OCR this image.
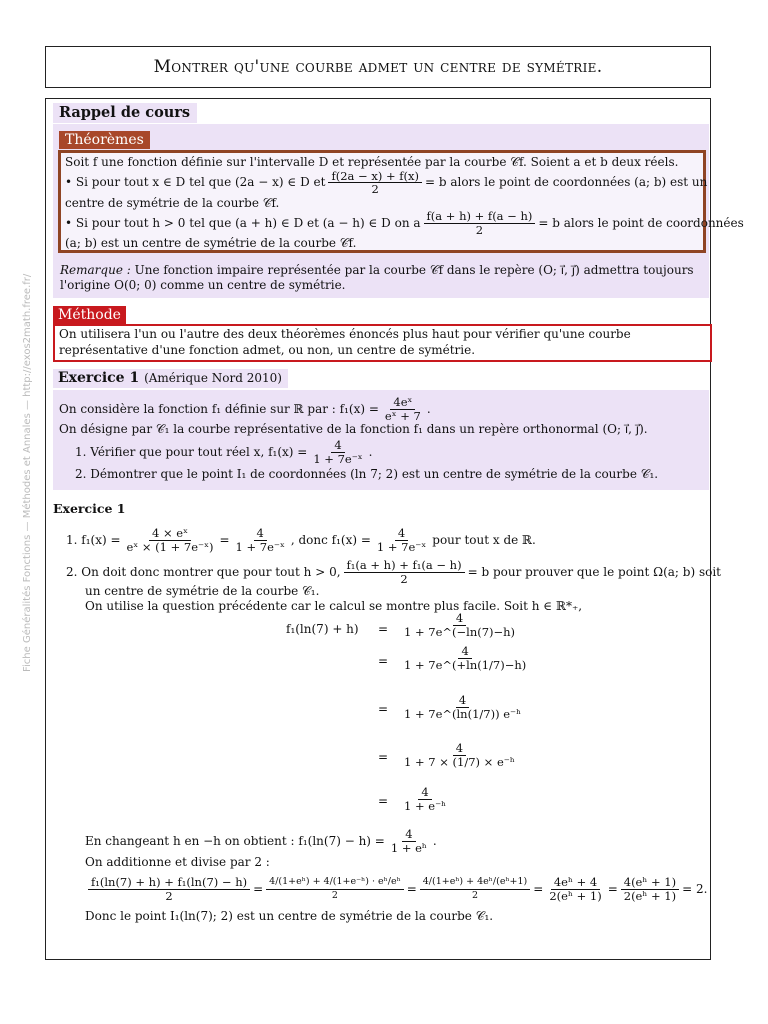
Montrer qu'une courbe admet un centre de symétrie.
Fiche Généralités Fonctions — Méthodes et Annales — http://exos2math.free.fr/
Rappel de cours
Théorèmes
Soit f une fonction définie sur l'intervalle D et représentée par la courbe 𝒞f. Soient a et b deux réels.
• Si pour tout x ∈ D tel que (2a − x) ∈ D et $\frac{f(2a - x) + f(x)}{2} = b$ alors le point de coordonnées (a; b) est un
centre de symétrie de la courbe 𝒞f.
• Si pour tout h > 0 tel que (a + h) ∈ D et (a − h) ∈ D on a $\frac{f(a + h) + f(a - h)}{2} = b$ alors le point de coordonnées
(a; b) est un centre de symétrie de la courbe 𝒞f.
Remarque : Une fonction impaire représentée par la courbe 𝒞f dans le repère (O; i⃗, j⃗) admettra toujours l'origine O(0; 0) comme un centre de symétrie.
Méthode
On utilisera l'un ou l'autre des deux théorèmes énoncés plus haut pour vérifier qu'une courbe représentative d'une fonction admet, ou non, un centre de symétrie.
Exercice 1 (Amérique Nord 2010)
On considère la fonction f₁ définie sur ℝ par : $f_1(x) = \frac{\text{4eˣ}}{\text{eˣ + 7}}$ .
On désigne par 𝒞₁ la courbe représentative de la fonction f₁ dans un repère orthonormal (O; i⃗, j⃗).
1. Vérifier que pour tout réel x, $f_1(x) = \frac{4}{\text{1 + 7e⁻ˣ}}$ .
2. Démontrer que le point I₁ de coordonnées (ln 7; 2) est un centre de symétrie de la courbe 𝒞₁.
Exercice 1
1. $f_1(x) = \frac{\text{4 × eˣ}}{\text{eˣ × (1 + 7e⁻ˣ)}} = \frac{4}{\text{1 + 7e⁻ˣ}}$ , donc $f_1(x) = \frac{4}{\text{1 + 7e⁻ˣ}}$ pour tout x de ℝ.
2. On doit donc montrer que pour tout h > 0, $\frac{\text{f₁(a + h) + f₁(a − h)}}{2} = b$ pour prouver que le point Ω(a; b) soit
un centre de symétrie de la courbe 𝒞₁.
On utilise la question précédente car le calcul se montre plus facile. Soit h ∈ ℝ*₊,
$f_1(\ln(7) + h) = \frac{4}{1 + 7e\^{}(-\ln(7)-h)}$
= $\frac{4}{1 + 7e\^{}(+\ln(1/7)-h)}$
= $\frac{4}{\text{1 + 7e\textasciicircum{}(ln(1/7)) e⁻ʰ}}$
= $\frac{4}{\text{1 + 7 × (1/7) × e⁻ʰ}}$
= $\frac{4}{\text{1 + e⁻ʰ}}$
En changeant h en −h on obtient : $f_1(\ln(7) - h) = \frac{4}{\text{1 + eʰ}}$ .
On additionne et divise par 2 :
$\frac{\text{f₁(ln(7) + h) + f₁(ln(7) − h)}}{2} = \frac{\text{4/(1+eʰ) + 4/(1+e⁻ʰ) · eʰ/eʰ}}{2} = \frac{\text{4/(1+eʰ) + 4eʰ/(eʰ+1)}}{2} = \frac{\text{4eʰ + 4}}{\text{2(eʰ + 1)}} = \frac{\text{4(eʰ + 1)}}{\text{2(eʰ + 1)}} = 2$.
Donc le point I₁(ln(7); 2) est un centre de symétrie de la courbe 𝒞₁.
